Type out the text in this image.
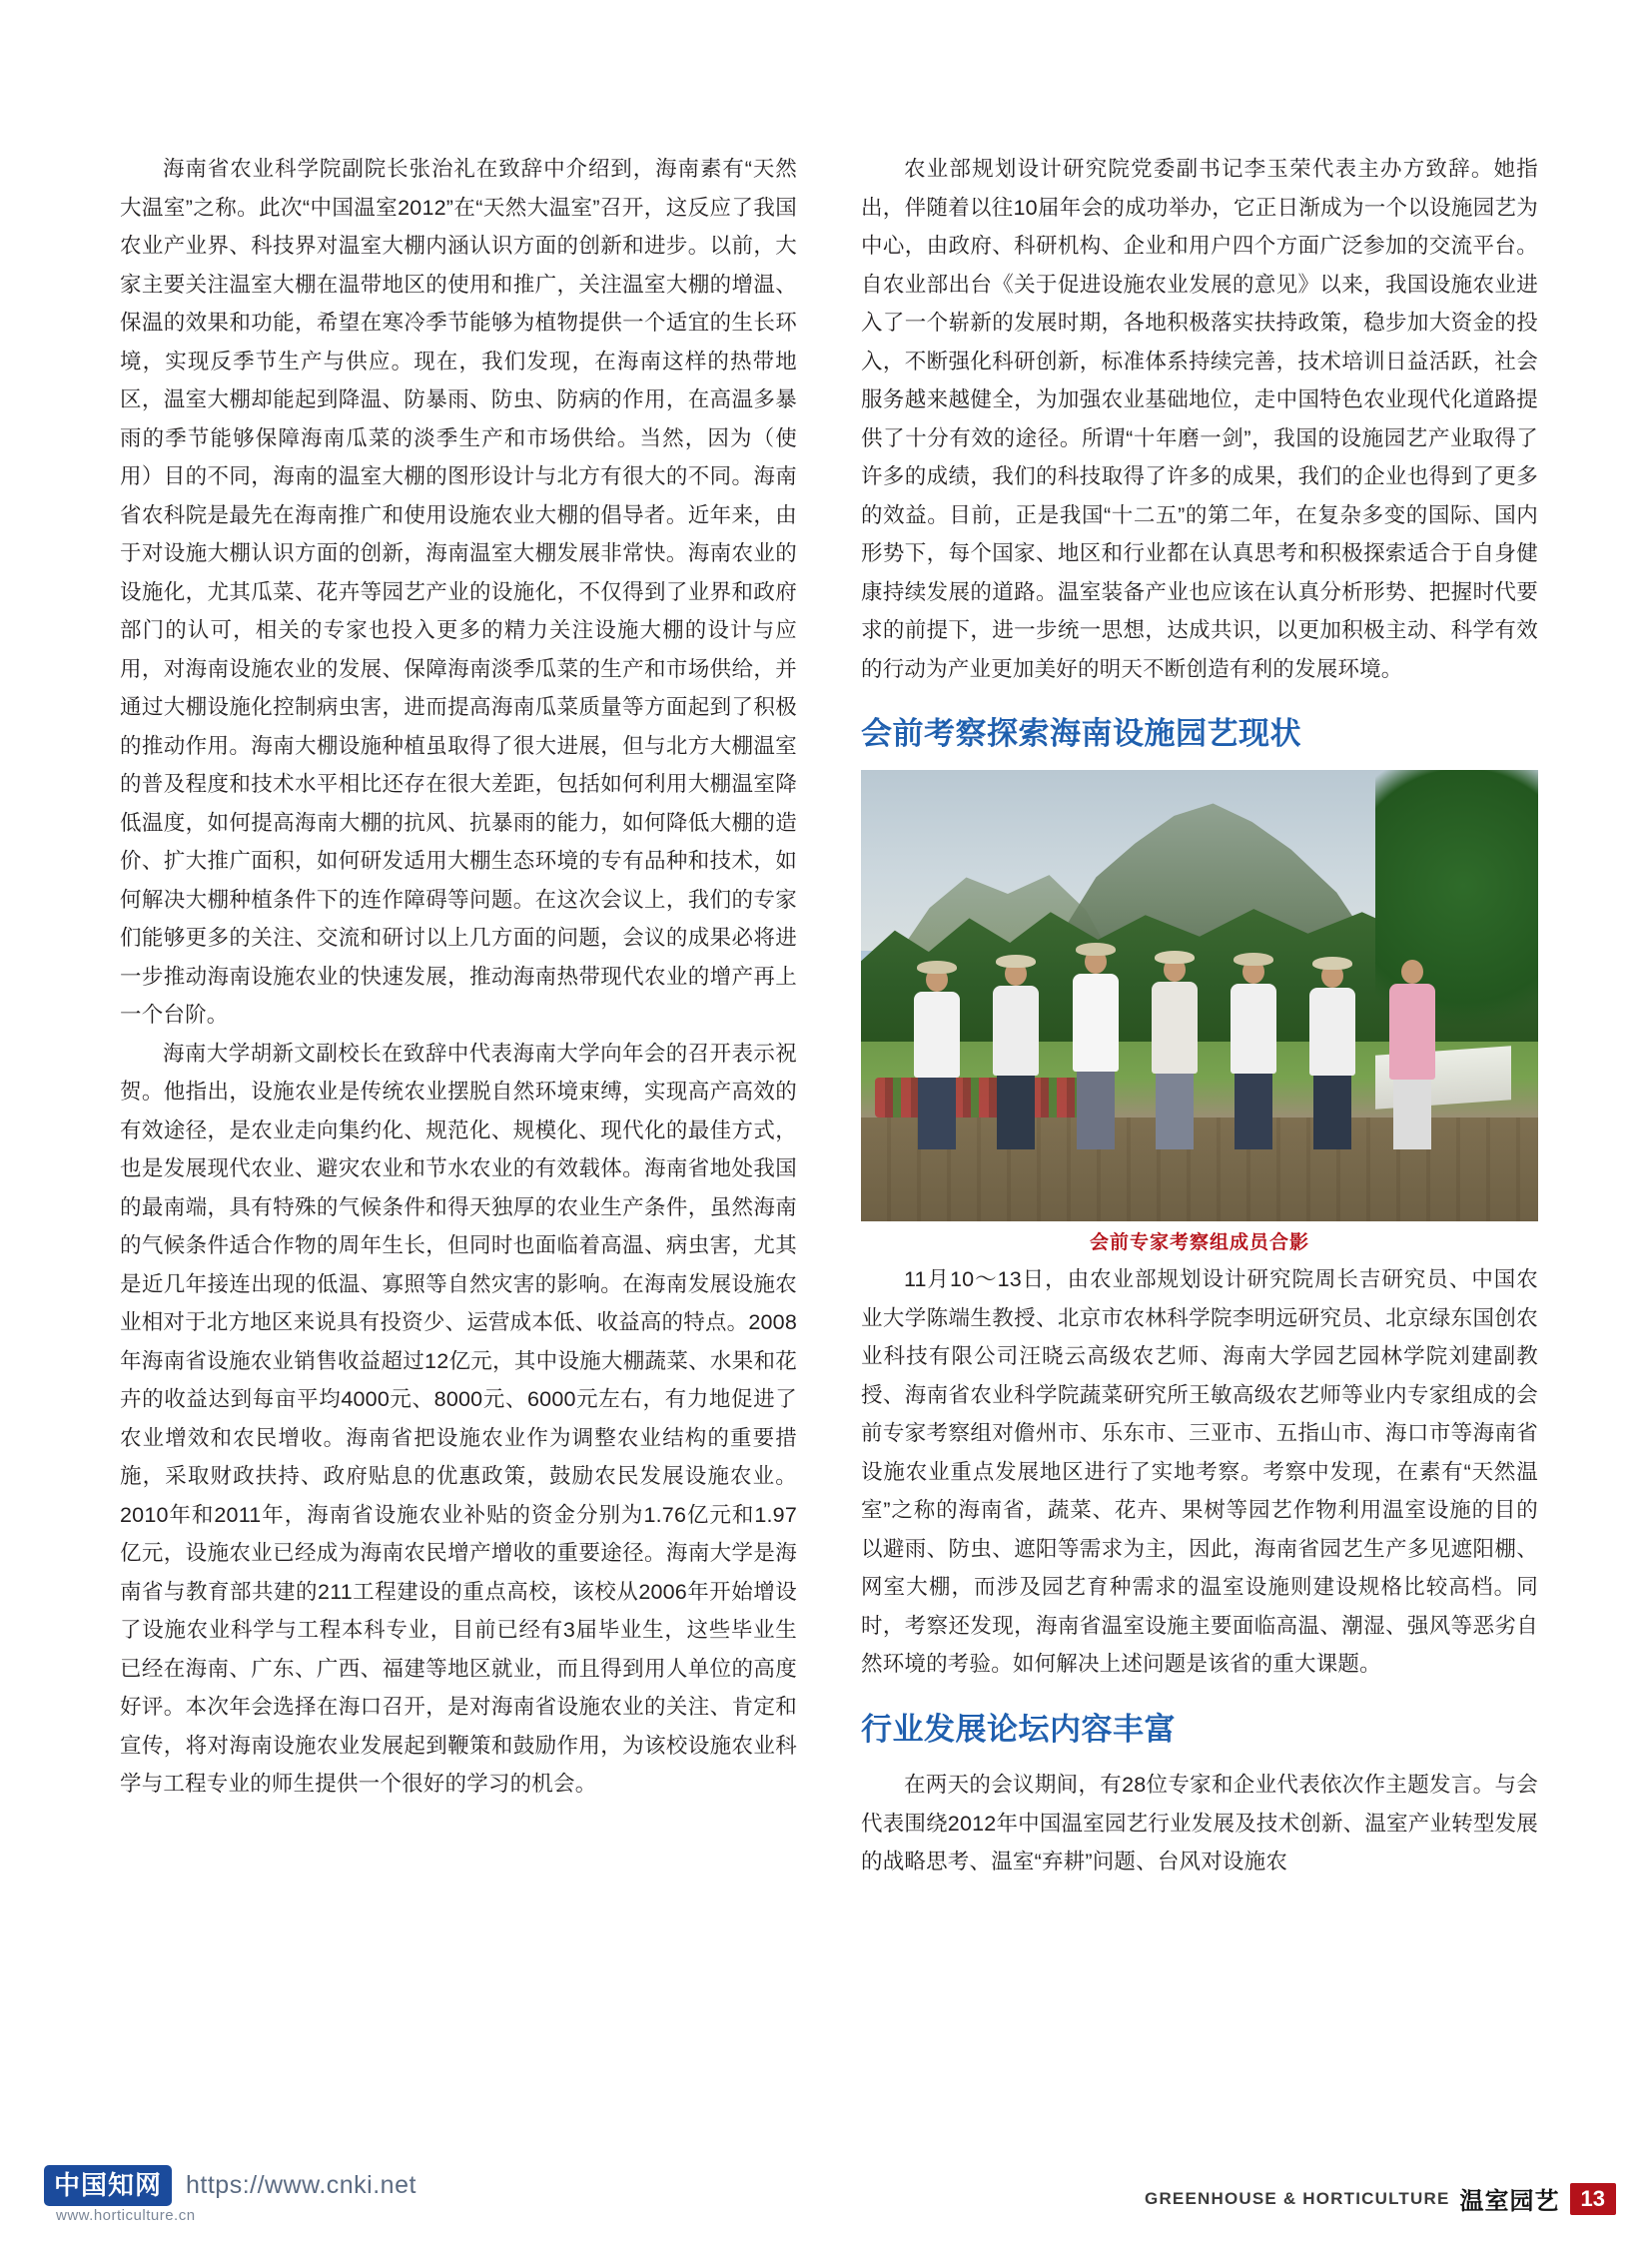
海南省农业科学院副院长张治礼在致辞中介绍到，海南素有“天然大温室”之称。此次“中国温室2012”在“天然大温室”召开，这反应了我国农业产业界、科技界对温室大棚内涵认识方面的创新和进步。以前，大家主要关注温室大棚在温带地区的使用和推广，关注温室大棚的增温、保温的效果和功能，希望在寒冷季节能够为植物提供一个适宜的生长环境，实现反季节生产与供应。现在，我们发现，在海南这样的热带地区，温室大棚却能起到降温、防暴雨、防虫、防病的作用，在高温多暴雨的季节能够保障海南瓜菜的淡季生产和市场供给。当然，因为（使用）目的不同，海南的温室大棚的图形设计与北方有很大的不同。海南省农科院是最先在海南推广和使用设施农业大棚的倡导者。近年来，由于对设施大棚认识方面的创新，海南温室大棚发展非常快。海南农业的设施化，尤其瓜菜、花卉等园艺产业的设施化，不仅得到了业界和政府部门的认可，相关的专家也投入更多的精力关注设施大棚的设计与应用，对海南设施农业的发展、保障海南淡季瓜菜的生产和市场供给，并通过大棚设施化控制病虫害，进而提高海南瓜菜质量等方面起到了积极的推动作用。海南大棚设施种植虽取得了很大进展，但与北方大棚温室的普及程度和技术水平相比还存在很大差距，包括如何利用大棚温室降低温度，如何提高海南大棚的抗风、抗暴雨的能力，如何降低大棚的造价、扩大推广面积，如何研发适用大棚生态环境的专有品种和技术，如何解决大棚种植条件下的连作障碍等问题。在这次会议上，我们的专家们能够更多的关注、交流和研讨以上几方面的问题，会议的成果必将进一步推动海南设施农业的快速发展，推动海南热带现代农业的增产再上一个台阶。

海南大学胡新文副校长在致辞中代表海南大学向年会的召开表示祝贺。他指出，设施农业是传统农业摆脱自然环境束缚，实现高产高效的有效途径，是农业走向集约化、规范化、规模化、现代化的最佳方式，也是发展现代农业、避灾农业和节水农业的有效载体。海南省地处我国的最南端，具有特殊的气候条件和得天独厚的农业生产条件，虽然海南的气候条件适合作物的周年生长，但同时也面临着高温、病虫害，尤其是近几年接连出现的低温、寡照等自然灾害的影响。在海南发展设施农业相对于北方地区来说具有投资少、运营成本低、收益高的特点。2008年海南省设施农业销售收益超过12亿元，其中设施大棚蔬菜、水果和花卉的收益达到每亩平均4000元、8000元、6000元左右，有力地促进了农业增效和农民增收。海南省把设施农业作为调整农业结构的重要措施，采取财政扶持、政府贴息的优惠政策，鼓励农民发展设施农业。2010年和2011年，海南省设施农业补贴的资金分别为1.76亿元和1.97亿元，设施农业已经成为海南农民增产增收的重要途径。海南大学是海南省与教育部共建的211工程建设的重点高校，该校从2006年开始增设了设施农业科学与工程本科专业，目前已经有3届毕业生，这些毕业生已经在海南、广东、广西、福建等地区就业，而且得到用人单位的高度好评。本次年会选择在海口召开，是对海南省设施农业的关注、肯定和宣传，将对海南设施农业发展起到鞭策和鼓励作用，为该校设施农业科学与工程专业的师生提供一个很好的学习的机会。

农业部规划设计研究院党委副书记李玉荣代表主办方致辞。她指出，伴随着以往10届年会的成功举办，它正日渐成为一个以设施园艺为中心，由政府、科研机构、企业和用户四个方面广泛参加的交流平台。自农业部出台《关于促进设施农业发展的意见》以来，我国设施农业进入了一个崭新的发展时期，各地积极落实扶持政策，稳步加大资金的投入，不断强化科研创新，标准体系持续完善，技术培训日益活跃，社会服务越来越健全，为加强农业基础地位，走中国特色农业现代化道路提供了十分有效的途径。所谓“十年磨一剑”，我国的设施园艺产业取得了许多的成绩，我们的科技取得了许多的成果，我们的企业也得到了更多的效益。目前，正是我国“十二五”的第二年，在复杂多变的国际、国内形势下，每个国家、地区和行业都在认真思考和积极探索适合于自身健康持续发展的道路。温室装备产业也应该在认真分析形势、把握时代要求的前提下，进一步统一思想，达成共识，以更加积极主动、科学有效的行动为产业更加美好的明天不断创造有利的发展环境。

会前考察探索海南设施园艺现状
会前专家考察组成员合影

11月10～13日，由农业部规划设计研究院周长吉研究员、中国农业大学陈端生教授、北京市农林科学院李明远研究员、北京绿东国创农业科技有限公司汪晓云高级农艺师、海南大学园艺园林学院刘建副教授、海南省农业科学院蔬菜研究所王敏高级农艺师等业内专家组成的会前专家考察组对儋州市、乐东市、三亚市、五指山市、海口市等海南省设施农业重点发展地区进行了实地考察。考察中发现，在素有“天然温室”之称的海南省，蔬菜、花卉、果树等园艺作物利用温室设施的目的以避雨、防虫、遮阳等需求为主，因此，海南省园艺生产多见遮阳棚、网室大棚，而涉及园艺育种需求的温室设施则建设规格比较高档。同时，考察还发现，海南省温室设施主要面临高温、潮湿、强风等恶劣自然环境的考验。如何解决上述问题是该省的重大课题。

行业发展论坛内容丰富

在两天的会议期间，有28位专家和企业代表依次作主题发言。与会代表围绕2012年中国温室园艺行业发展及技术创新、温室产业转型发展的战略思考、温室“弃耕”问题、台风对设施农

中国知网 https://www.cnki.net
www.horticulture.cn
GREENHOUSE & HORTICULTURE 温室园艺 13
